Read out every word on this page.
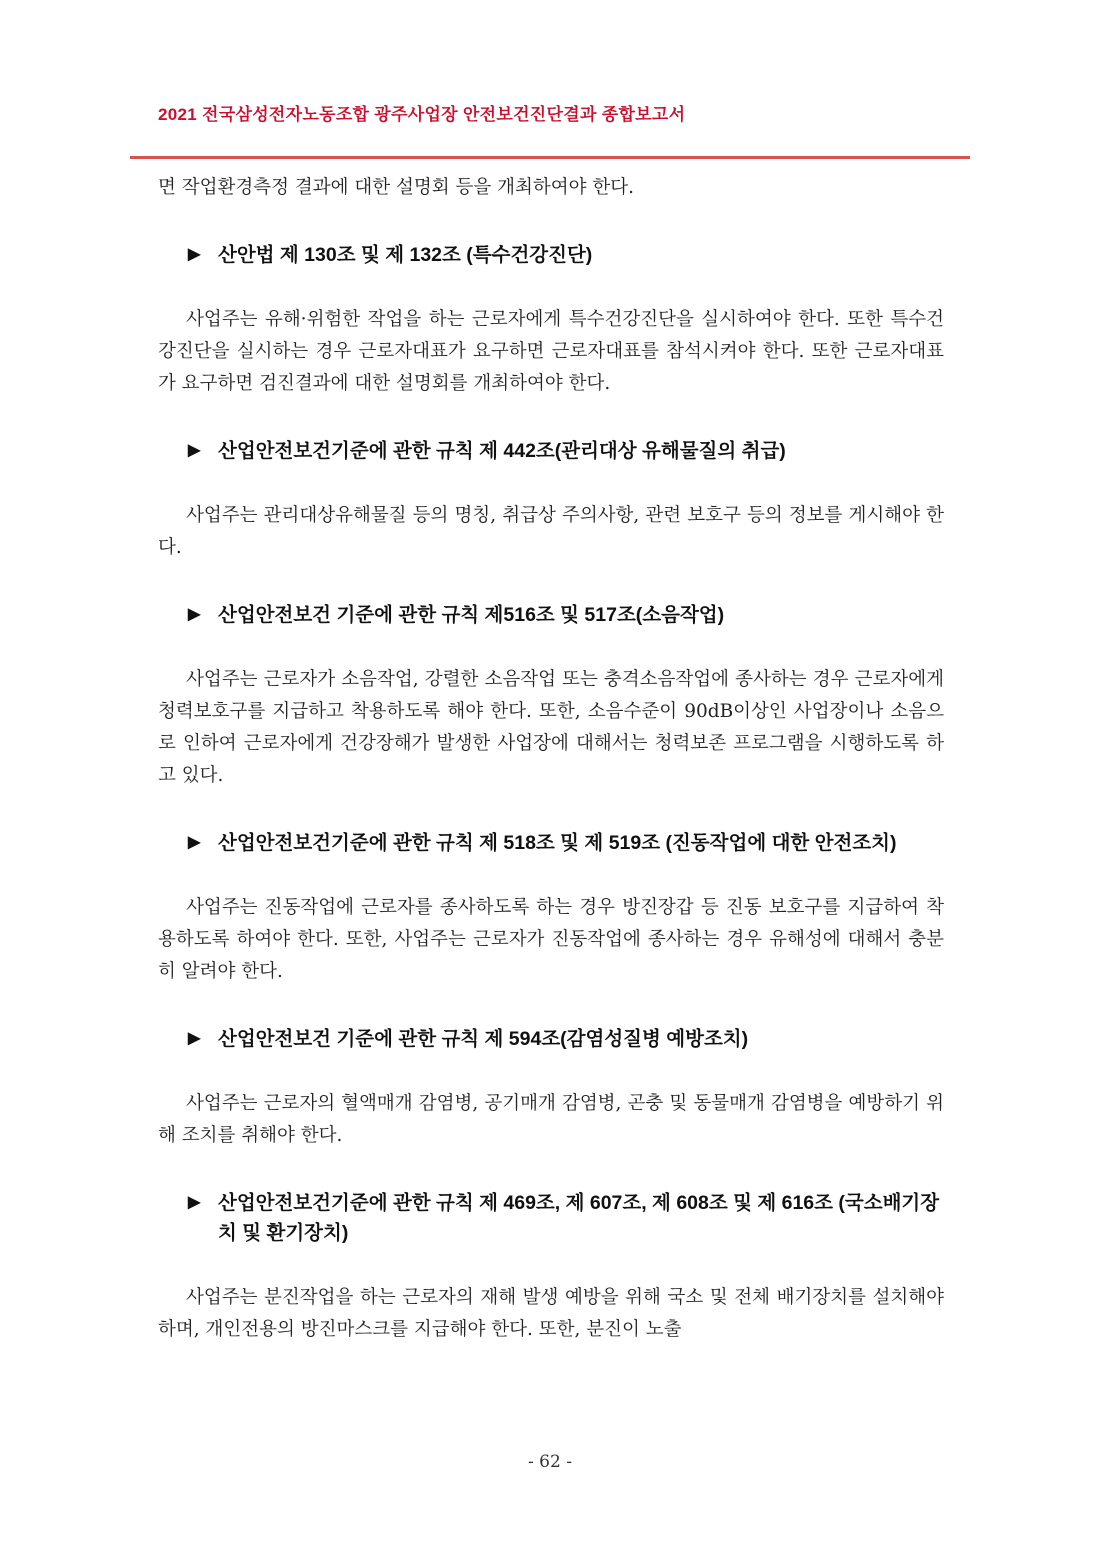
2021 전국삼성전자노동조합 광주사업장 안전보건진단결과 종합보고서

면 작업환경측정 결과에 대한 설명회 등을 개최하여야 한다.

▶ 산안법 제 130조 및 제 132조 (특수건강진단)

사업주는 유해·위험한 작업을 하는 근로자에게 특수건강진단을 실시하여야 한다. 또한 특수건강진단을 실시하는 경우 근로자대표가 요구하면 근로자대표를 참석시켜야 한다. 또한 근로자대표가 요구하면 검진결과에 대한 설명회를 개최하여야 한다.

▶ 산업안전보건기준에 관한 규칙 제 442조(관리대상 유해물질의 취급)

사업주는 관리대상유해물질 등의 명칭, 취급상 주의사항, 관련 보호구 등의 정보를 게시해야 한다.

▶ 산업안전보건 기준에 관한 규칙 제516조 및 517조(소음작업)

사업주는 근로자가 소음작업, 강렬한 소음작업 또는 충격소음작업에 종사하는 경우 근로자에게 청력보호구를 지급하고 착용하도록 해야 한다. 또한, 소음수준이 90dB이상인 사업장이나 소음으로 인하여 근로자에게 건강장해가 발생한 사업장에 대해서는 청력보존 프로그램을 시행하도록 하고 있다.

▶ 산업안전보건기준에 관한 규칙 제 518조 및 제 519조 (진동작업에 대한 안전조치)

사업주는 진동작업에 근로자를 종사하도록 하는 경우 방진장갑 등 진동 보호구를 지급하여 착용하도록 하여야 한다. 또한, 사업주는 근로자가 진동작업에 종사하는 경우 유해성에 대해서 충분히 알려야 한다.

▶ 산업안전보건 기준에 관한 규칙 제 594조(감염성질병 예방조치)

사업주는 근로자의 혈액매개 감염병, 공기매개 감염병, 곤충 및 동물매개 감염병을 예방하기 위해 조치를 취해야 한다.

▶ 산업안전보건기준에 관한 규칙 제 469조, 제 607조, 제 608조 및 제 616조 (국소배기장치 및 환기장치)

사업주는 분진작업을 하는 근로자의 재해 발생 예방을 위해 국소 및 전체 배기장치를 설치해야 하며, 개인전용의 방진마스크를 지급해야 한다. 또한, 분진이 노출

- 62 -
